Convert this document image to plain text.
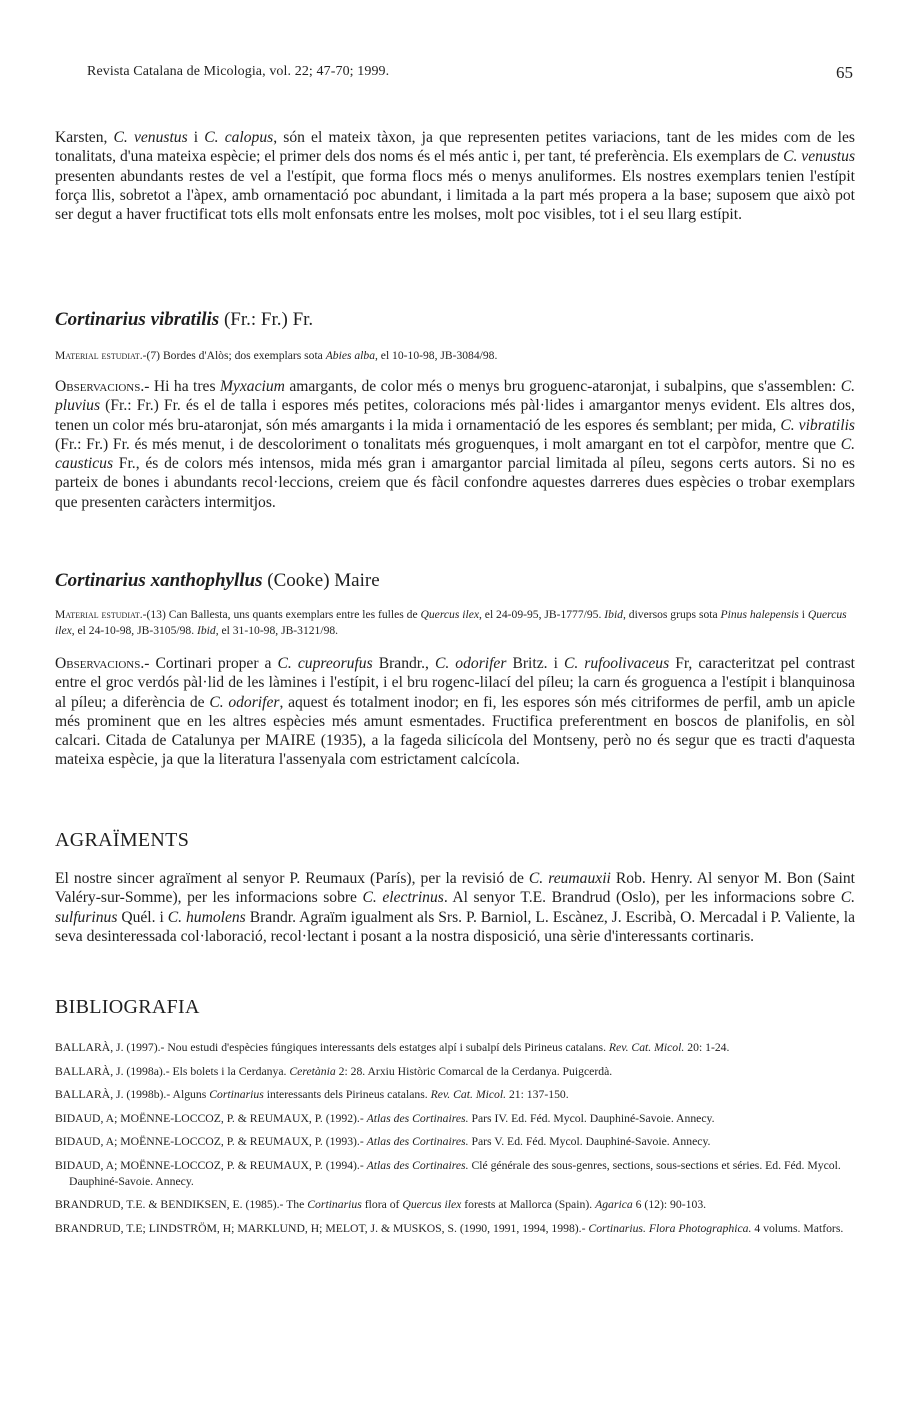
Revista Catalana de Micologia, vol. 22; 47-70; 1999.	65

Karsten, C. venustus i C. calopus, són el mateix tàxon, ja que representen petites variacions, tant de les mides com de les tonalitats, d'una mateixa espècie; el primer dels dos noms és el més antic i, per tant, té preferència. Els exemplars de C. venustus presenten abundants restes de vel a l'estípit, que forma flocs més o menys anuliformes. Els nostres exemplars tenien l'estípit força llis, sobretot a l'àpex, amb ornamentació poc abundant, i limitada a la part més propera a la base; suposem que això pot ser degut a haver fructificat tots ells molt enfonsats entre les molses, molt poc visibles, tot i el seu llarg estípit.

Cortinarius vibratilis (Fr.: Fr.) Fr.

Material estudiat.-(7) Bordes d'Alòs; dos exemplars sota Abies alba, el 10-10-98, JB-3084/98.

Observacions.- Hi ha tres Myxacium amargants, de color més o menys bru groguenc-ataronjat, i subalpins, que s'assemblen: C. pluvius (Fr.: Fr.) Fr. és el de talla i espores més petites, coloracions més pàl·lides i amargantor menys evident. Els altres dos, tenen un color més bru-ataronjat, són més amargants i la mida i ornamentació de les espores és semblant; per mida, C. vibratilis (Fr.: Fr.) Fr. és més menut, i de descoloriment o tonalitats més groguenques, i molt amargant en tot el carpòfor, mentre que C. causticus Fr., és de colors més intensos, mida més gran i amargantor parcial limitada al píleu, segons certs autors. Si no es parteix de bones i abundants recol·leccions, creiem que és fàcil confondre aquestes darreres dues espècies o trobar exemplars que presenten caràcters intermitjos.

Cortinarius xanthophyllus (Cooke) Maire

Material estudiat.-(13) Can Ballesta, uns quants exemplars entre les fulles de Quercus ilex, el 24-09-95, JB-1777/95. Ibid, diversos grups sota Pinus halepensis i Quercus ilex, el 24-10-98, JB-3105/98. Ibid, el 31-10-98, JB-3121/98.

Observacions.- Cortinari proper a C. cupreorufus Brandr., C. odorifer Britz. i C. rufoolivaceus Fr, caracteritzat pel contrast entre el groc verdós pàl·lid de les làmines i l'estípit, i el bru rogenc-lilací del píleu; la carn és groguenca a l'estípit i blanquinosa al píleu; a diferència de C. odorifer, aquest és totalment inodor; en fi, les espores són més citriformes de perfil, amb un apicle més prominent que en les altres espècies més amunt esmentades. Fructifica preferentment en boscos de planifolis, en sòl calcari. Citada de Catalunya per MAIRE (1935), a la fageda silicícola del Montseny, però no és segur que es tracti d'aquesta mateixa espècie, ja que la literatura l'assenyala com estrictament calcícola.

AGRAÏMENTS

El nostre sincer agraïment al senyor P. Reumaux (París), per la revisió de C. reumauxii Rob. Henry. Al senyor M. Bon (Saint Valéry-sur-Somme), per les informacions sobre C. electrinus. Al senyor T.E. Brandrud (Oslo), per les informacions sobre C. sulfurinus Quél. i C. humolens Brandr. Agraïm igualment als Srs. P. Barniol, L. Escànez, J. Escribà, O. Mercadal i P. Valiente, la seva desinteressada col·laboració, recol·lectant i posant a la nostra disposició, una sèrie d'interessants cortinaris.

BIBLIOGRAFIA

BALLARÀ, J. (1997).- Nou estudi d'espècies fúngiques interessants dels estatges alpí i subalpí dels Pirineus catalans. Rev. Cat. Micol. 20: 1-24.

BALLARÀ, J. (1998a).- Els bolets i la Cerdanya. Ceretània 2: 28. Arxiu Històric Comarcal de la Cerdanya. Puigcerdà.

BALLARÀ, J. (1998b).- Alguns Cortinarius interessants dels Pirineus catalans. Rev. Cat. Micol. 21: 137-150.

BIDAUD, A; MOËNNE-LOCCOZ, P. & REUMAUX, P. (1992).- Atlas des Cortinaires. Pars IV. Ed. Féd. Mycol. Dauphiné-Savoie. Annecy.

BIDAUD, A; MOËNNE-LOCCOZ, P. & REUMAUX, P. (1993).- Atlas des Cortinaires. Pars V. Ed. Féd. Mycol. Dauphiné-Savoie. Annecy.

BIDAUD, A; MOËNNE-LOCCOZ, P. & REUMAUX, P. (1994).- Atlas des Cortinaires. Clé générale des sous-genres, sections, sous-sections et séries. Ed. Féd. Mycol. Dauphiné-Savoie. Annecy.

BRANDRUD, T.E. & BENDIKSEN, E. (1985).- The Cortinarius flora of Quercus ilex forests at Mallorca (Spain). Agarica 6 (12): 90-103.

BRANDRUD, T.E; LINDSTRÖM, H; MARKLUND, H; MELOT, J. & MUSKOS, S. (1990, 1991, 1994, 1998).- Cortinarius. Flora Photographica. 4 volums. Matfors.
